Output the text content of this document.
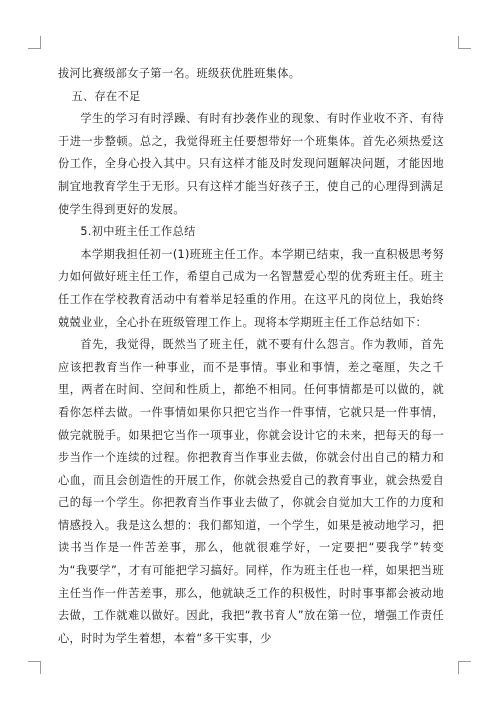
拔河比赛级部女子第一名。班级获优胜班集体。

五、存在不足

学生的学习有时浮躁、有时有抄袭作业的现象、有时作业收不齐、有待于进一步整顿。总之，我觉得班主任要想带好一个班集体。首先必须热爱这份工作，全身心投入其中。只有这样才能及时发现问题解决问题，才能因地制宜地教育学生于无形。只有这样才能当好孩子王，使自己的心理得到满足使学生得到更好的发展。

5.初中班主任工作总结

本学期我担任初一(1)班班主任工作。本学期已结束，我一直积极思考努力如何做好班主任工作，希望自己成为一名智慧爱心型的优秀班主任。班主任工作在学校教育活动中有着举足轻重的作用。在这平凡的岗位上，我始终兢兢业业，全心扑在班级管理工作上。现将本学期班主任工作总结如下：

首先，我觉得，既然当了班主任，就不要有什么怨言。作为教师，首先应该把教育当作一种事业，而不是事情。事业和事情，差之毫厘，失之千里，两者在时间、空间和性质上，都绝不相同。任何事情都是可以做的，就看你怎样去做。一件事情如果你只把它当作一件事情，它就只是一件事情，做完就脱手。如果把它当作一项事业，你就会设计它的未来，把每天的每一步当作一个连续的过程。你把教育当作事业去做，你就会付出自己的精力和心血，而且会创造性的开展工作，你就会热爱自己的教育事业，就会热爱自己的每一个学生。你把教育当作事业去做了，你就会自觉加大工作的力度和情感投入。我是这么想的：我们都知道，一个学生，如果是被动地学习，把读书当作是一件苦差事，那么，他就很难学好，一定要把“要我学”转变为“我要学”，才有可能把学习搞好。同样，作为班主任也一样，如果把当班主任当作一件苦差事，那么，他就缺乏工作的积极性，时时事事都会被动地去做，工作就难以做好。因此，我把“教书育人”放在第一位，增强工作责任心，时时为学生着想，本着“多干实事，少
